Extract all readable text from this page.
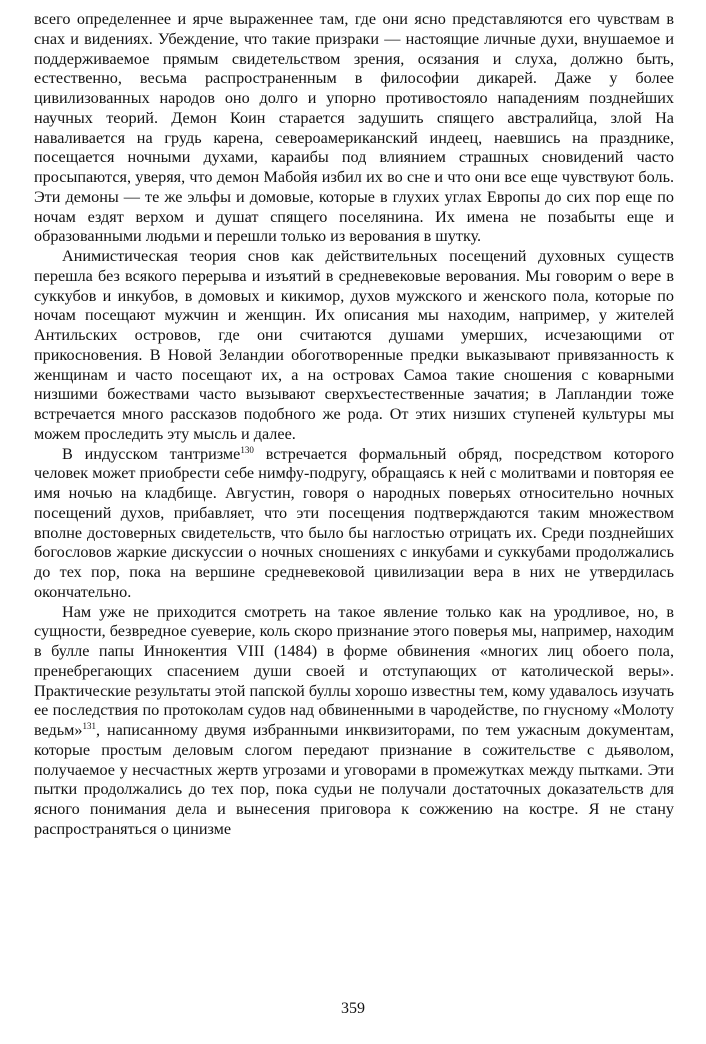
всего определеннее и ярче выраженнее там, где они ясно представляются его чувствам в снах и видениях. Убеждение, что такие призраки — настоящие личные духи, внушаемое и поддерживаемое прямым свидетельством зрения, осязания и слуха, должно быть, естественно, весьма распространенным в философии дикарей. Даже у более цивилизованных народов оно долго и упорно противостояло нападениям позднейших научных теорий. Демон Коин старается задушить спящего австралийца, злой На наваливается на грудь карена, североамериканский индеец, наевшись на празднике, посещается ночными духами, караибы под влиянием страшных сновидений часто просыпаются, уверяя, что демон Мабойя избил их во сне и что они все еще чувствуют боль. Эти демоны — те же эльфы и домовые, которые в глухих углах Европы до сих пор еще по ночам ездят верхом и душат спящего поселянина. Их имена не позабыты еще и образованными людьми и перешли только из верования в шутку.

Анимистическая теория снов как действительных посещений духовных существ перешла без всякого перерыва и изъятий в средневековые верования. Мы говорим о вере в суккубов и инкубов, в домовых и кикимор, духов мужского и женского пола, которые по ночам посещают мужчин и женщин. Их описания мы находим, например, у жителей Антильских островов, где они считаются душами умерших, исчезающими от прикосновения. В Новой Зеландии обоготворенные предки выказывают привязанность к женщинам и часто посещают их, а на островах Самоа такие сношения с коварными низшими божествами часто вызывают сверхъестественные зачатия; в Лапландии тоже встречается много рассказов подобного же рода. От этих низших ступеней культуры мы можем проследить эту мысль и далее.

В индусском тантризме$^{130}$ встречается формальный обряд, посредством которого человек может приобрести себе нимфу-подругу, обращаясь к ней с молитвами и повторяя ее имя ночью на кладбище. Августин, говоря о народных поверьях относительно ночных посещений духов, прибавляет, что эти посещения подтверждаются таким множеством вполне достоверных свидетельств, что было бы наглостью отрицать их. Среди позднейших богословов жаркие дискуссии о ночных сношениях с инкубами и суккубами продолжались до тех пор, пока на вершине средневековой цивилизации вера в них не утвердилась окончательно.

Нам уже не приходится смотреть на такое явление только как на уродливое, но, в сущности, безвредное суеверие, коль скоро признание этого поверья мы, например, находим в булле папы Иннокентия VIII (1484) в форме обвинения «многих лиц обоего пола, пренебрегающих спасением души своей и отступающих от католической веры». Практические результаты этой папской буллы хорошо известны тем, кому удавалось изучать ее последствия по протоколам судов над обвиненными в чародействе, по гнусному «Молоту ведьм»$^{131}$, написанному двумя избранными инквизиторами, по тем ужасным документам, которые простым деловым слогом передают признание в сожительстве с дьяволом, получаемое у несчастных жертв угрозами и уговорами в промежутках между пытками. Эти пытки продолжались до тех пор, пока судьи не получали достаточных доказательств для ясного понимания дела и вынесения приговора к сожжению на костре. Я не стану распространяться о цинизме

359
